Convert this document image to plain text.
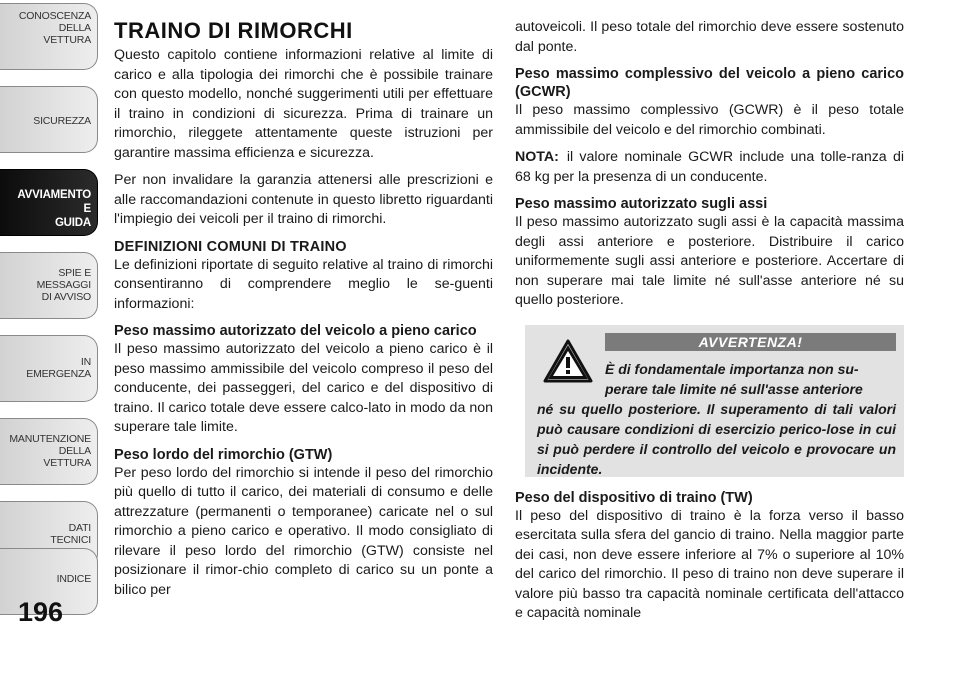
CONOSCENZA
DELLA
VETTURA
SICUREZZA
AVVIAMENTO
E
GUIDA
SPIE E
MESSAGGI
DI AVVISO
IN
EMERGENZA
MANUTENZIONE
DELLA
VETTURA
DATI
TECNICI
INDICE
196
TRAINO DI RIMORCHI

Questo capitolo contiene informazioni relative al limite di carico e alla tipologia dei rimorchi che è possibile trainare con questo modello, nonché suggerimenti utili per effettuare il traino in condizioni di sicurezza. Prima di trainare un rimorchio, rileggete attentamente queste istruzioni per garantire massima efficienza e sicurezza.

Per non invalidare la garanzia attenersi alle prescrizioni e alle raccomandazioni contenute in questo libretto riguardanti l'impiegio dei veicoli per il traino di rimorchi.

DEFINIZIONI COMUNI DI TRAINO

Le definizioni riportate di seguito relative al traino di rimorchi consentiranno di comprendere meglio le se-guenti informazioni:

Peso massimo autorizzato del veicolo a pieno carico

Il peso massimo autorizzato del veicolo a pieno carico è il peso massimo ammissibile del veicolo compreso il peso del conducente, dei passeggeri, del carico e del dispositivo di traino. Il carico totale deve essere calco-lato in modo da non superare tale limite.

Peso lordo del rimorchio (GTW)

Per peso lordo del rimorchio si intende il peso del rimorchio più quello di tutto il carico, dei materiali di consumo e delle attrezzature (permanenti o temporanee) caricate nel o sul rimorchio a pieno carico e operativo. Il modo consigliato di rilevare il peso lordo del rimorchio (GTW) consiste nel posizionare il rimor-chio completo di carico su un ponte a bilico per

autoveicoli. Il peso totale del rimorchio deve essere sostenuto dal ponte.

Peso massimo complessivo del veicolo a pieno carico (GCWR)

Il peso massimo complessivo (GCWR) è il peso totale ammissibile del veicolo e del rimorchio combinati.

NOTA: il valore nominale GCWR include una tolle-ranza di 68 kg per la presenza di un conducente.

Peso massimo autorizzato sugli assi

Il peso massimo autorizzato sugli assi è la capacità massima degli assi anteriore e posteriore. Distribuire il carico uniformemente sugli assi anteriore e posteriore. Accertare di non superare mai tale limite né sull'asse anteriore né su quello posteriore.

AVVERTENZA!
È di fondamentale importanza non su-
perare tale limite né sull'asse anteriore
né su quello posteriore. Il superamento di tali valori può causare condizioni di esercizio perico-lose in cui si può perdere il controllo del veicolo e provocare un incidente.
Peso del dispositivo di traino (TW)

Il peso del dispositivo di traino è la forza verso il basso esercitata sulla sfera del gancio di traino. Nella maggior parte dei casi, non deve essere inferiore al 7% o superiore al 10% del carico del rimorchio. Il peso di traino non deve superare il valore più basso tra capacità nominale certificata dell'attacco e capacità nominale
